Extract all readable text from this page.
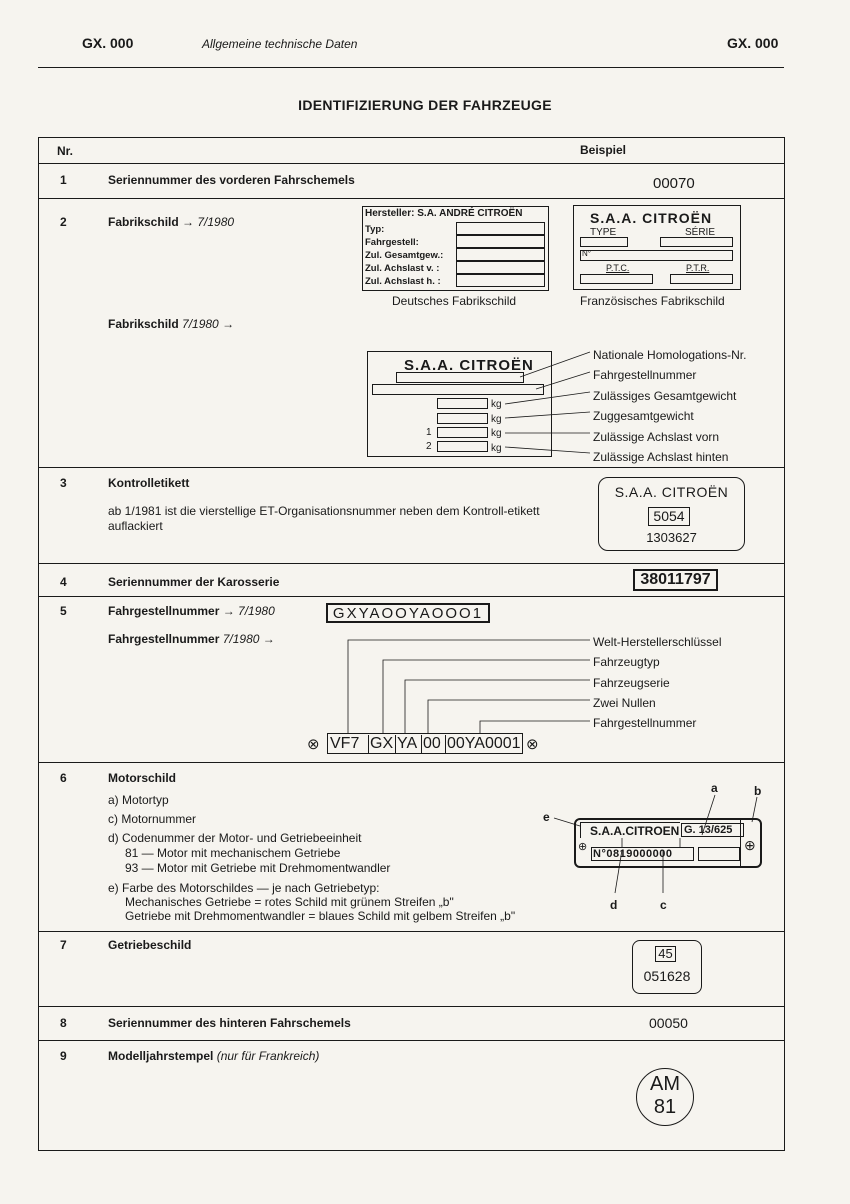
GX. 000	Allgemeine technische Daten	GX. 000
IDENTIFIZIERUNG DER FAHRZEUGE
Nr.	Beispiel
1	Seriennummer des vorderen Fahrschemels	00070
2	Fabrikschild → 7/1980
Fabrikschild 7/1980 →
Hersteller: S.A. ANDRÉ CITROËN
Typ:
Fahrgestell:
Zul. Gesamtgew.:
Zul. Achslast v. :
Zul. Achslast h. :
Deutsches Fabrikschild
S.A.A. CITROËN
TYPE	SÉRIE
N°
P.T.C.	P.T.R.
Französisches Fabrikschild
S.A.A. CITROËN
kg
kg
kg
kg
1
2
Nationale Homologations-Nr.
Fahrgestellnummer
Zulässiges Gesamtgewicht
Zuggesamtgewicht
Zulässige Achslast vorn
Zulässige Achslast hinten
3	Kontrolletikett
ab 1/1981 ist die vierstellige ET-Organisationsnummer neben dem Kontroll-etikett auflackiert
S.A.A. CITROËN
5054
1303627
4	Seriennummer der Karosserie	38011797
5	Fahrgestellnummer → 7/1980
Fahrgestellnummer 7/1980 →
GXYAOOYAOOO1
⊗ VF7 GX YA 00 00YA0001 ⊗
Welt-Herstellerschlüssel
Fahrzeugtyp
Fahrzeugserie
Zwei Nullen
Fahrgestellnummer
6	Motorschild
a) Motortyp
c) Motornummer
d) Codenummer der Motor- und Getriebeeinheit
81 — Motor mit mechanischem Getriebe
93 — Motor mit Getriebe mit Drehmomentwandler
e) Farbe des Motorschildes — je nach Getriebetyp:
Mechanisches Getriebe = rotes Schild mit grünem Streifen „b"
Getriebe mit Drehmomentwandler = blaues Schild mit gelbem Streifen „b"
⊕	⊕
S.A.A.CITROEN G. 13/625
N°0819000000
a	b
e
d	c
7	Getriebeschild
45
051628
8	Seriennummer des hinteren Fahrschemels	00050
9	Modelljahrstempel (nur für Frankreich)
AM
81
